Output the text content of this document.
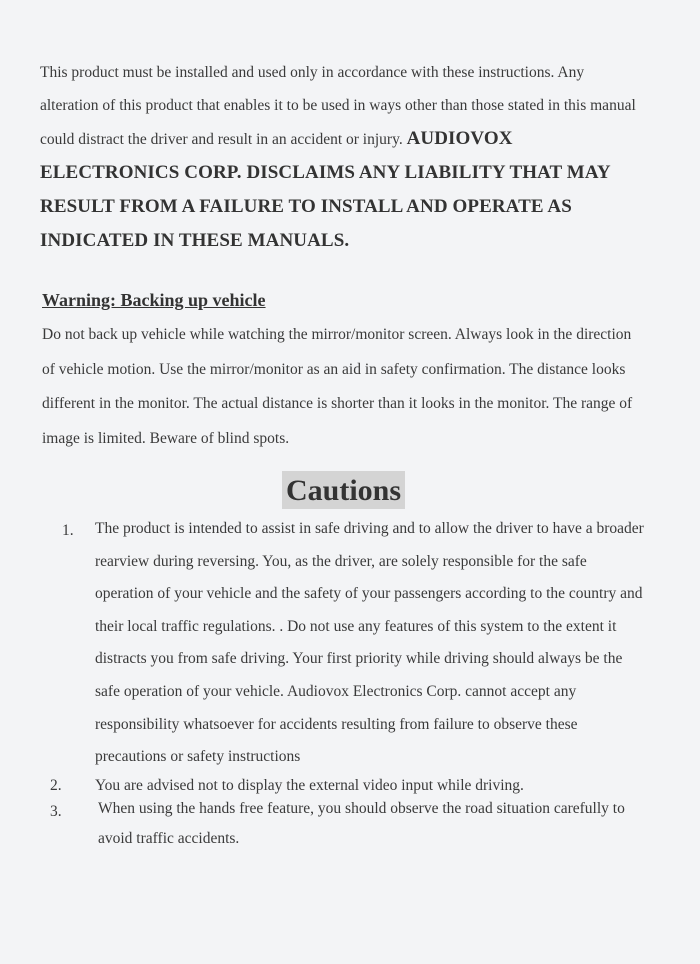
This product must be installed and used only in accordance with these instructions. Any alteration of this product that enables it to be used in ways other than those stated in this manual could distract the driver and result in an accident or injury. AUDIOVOX ELECTRONICS CORP. DISCLAIMS ANY LIABILITY THAT MAY RESULT FROM A FAILURE TO INSTALL AND OPERATE AS INDICATED IN THESE MANUALS.
Warning: Backing up vehicle
Do not back up vehicle while watching the mirror/monitor screen. Always look in the direction of vehicle motion. Use the mirror/monitor as an aid in safety confirmation. The distance looks different in the monitor. The actual distance is shorter than it looks in the monitor. The range of image is limited. Beware of blind spots.
Cautions
1. The product is intended to assist in safe driving and to allow the driver to have a broader rearview during reversing. You, as the driver, are solely responsible for the safe operation of your vehicle and the safety of your passengers according to the country and their local traffic regulations. . Do not use any features of this system to the extent it distracts you from safe driving. Your first priority while driving should always be the safe operation of your vehicle. Audiovox Electronics Corp. cannot accept any responsibility whatsoever for accidents resulting from failure to observe these precautions or safety instructions
2. You are advised not to display the external video input while driving.
3. When using the hands free feature, you should observe the road situation carefully to avoid traffic accidents.
